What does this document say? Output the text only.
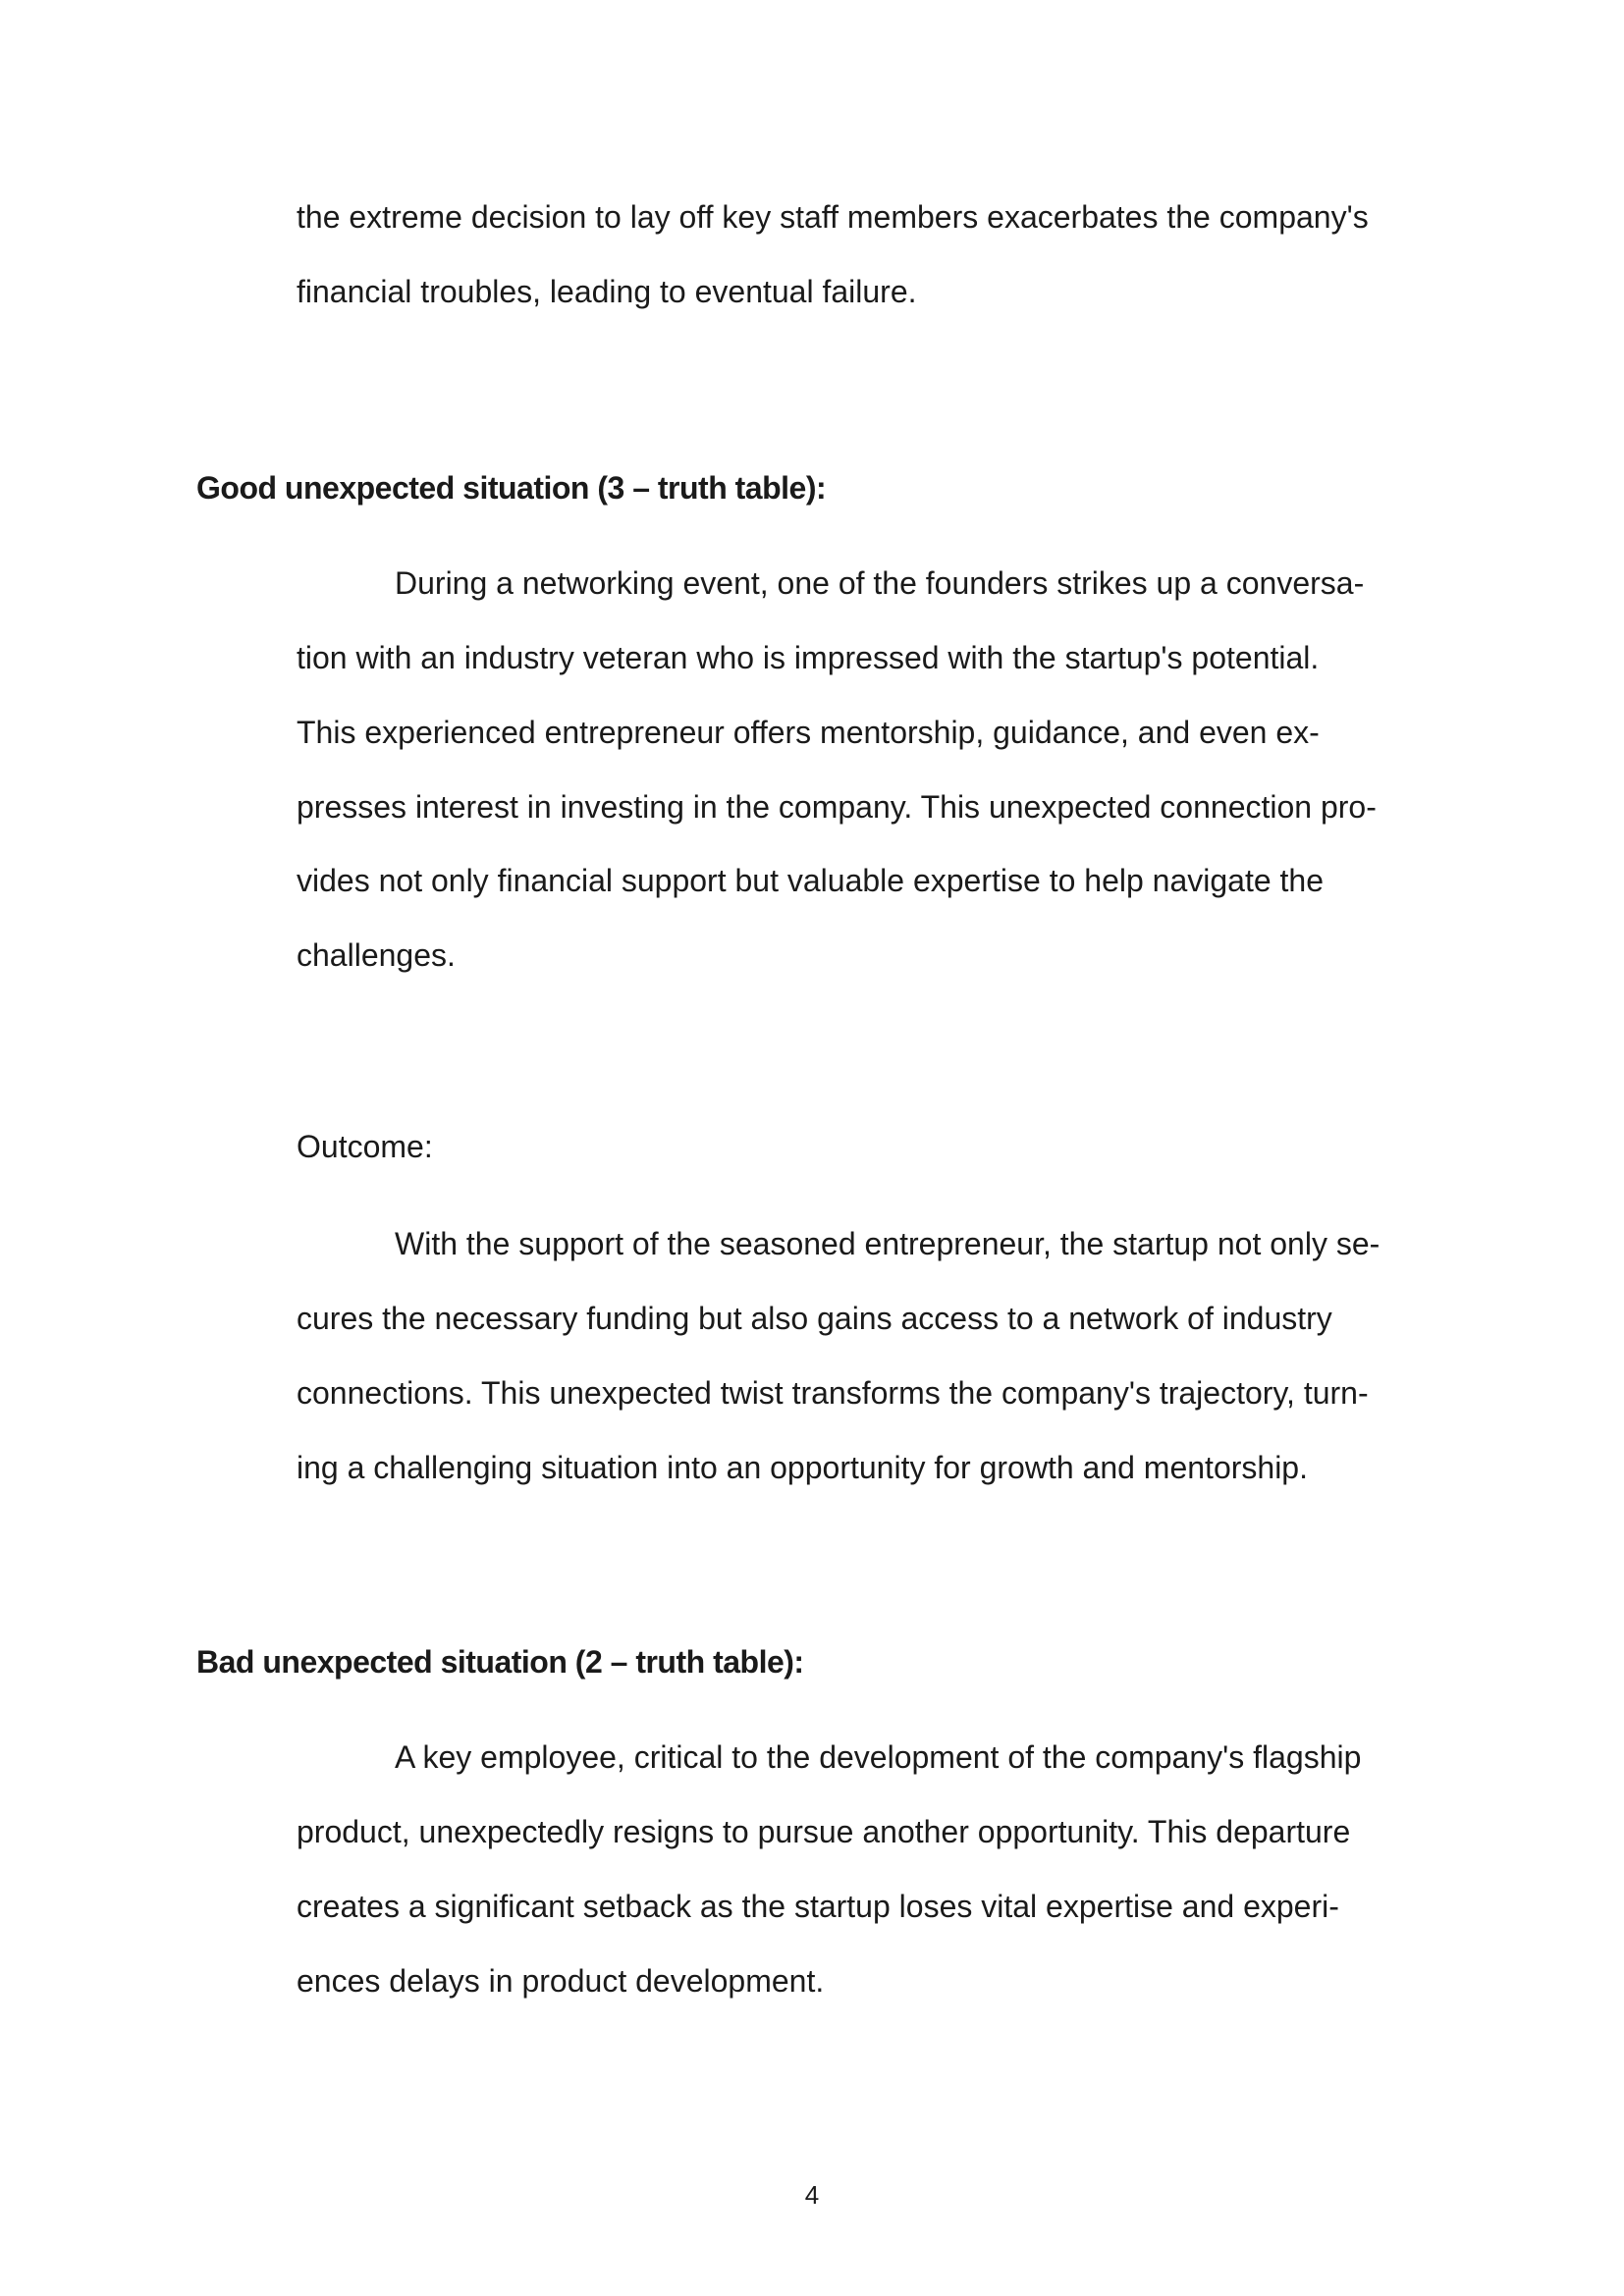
the extreme decision to lay off key staff members exacerbates the company's

financial troubles, leading to eventual failure.

Good unexpected situation (3 – truth table):

During a networking event, one of the founders strikes up a conversa-

tion with an industry veteran who is impressed with the startup's potential.

This experienced entrepreneur offers mentorship, guidance, and even ex-

presses interest in investing in the company. This unexpected connection pro-

vides not only financial support but valuable expertise to help navigate the

challenges.

Outcome:

With the support of the seasoned entrepreneur, the startup not only se-

cures the necessary funding but also gains access to a network of industry

connections. This unexpected twist transforms the company's trajectory, turn-

ing a challenging situation into an opportunity for growth and mentorship.

Bad unexpected situation (2 – truth table):

A key employee, critical to the development of the company's flagship

product, unexpectedly resigns to pursue another opportunity. This departure

creates a significant setback as the startup loses vital expertise and experi-

ences delays in product development.

4
